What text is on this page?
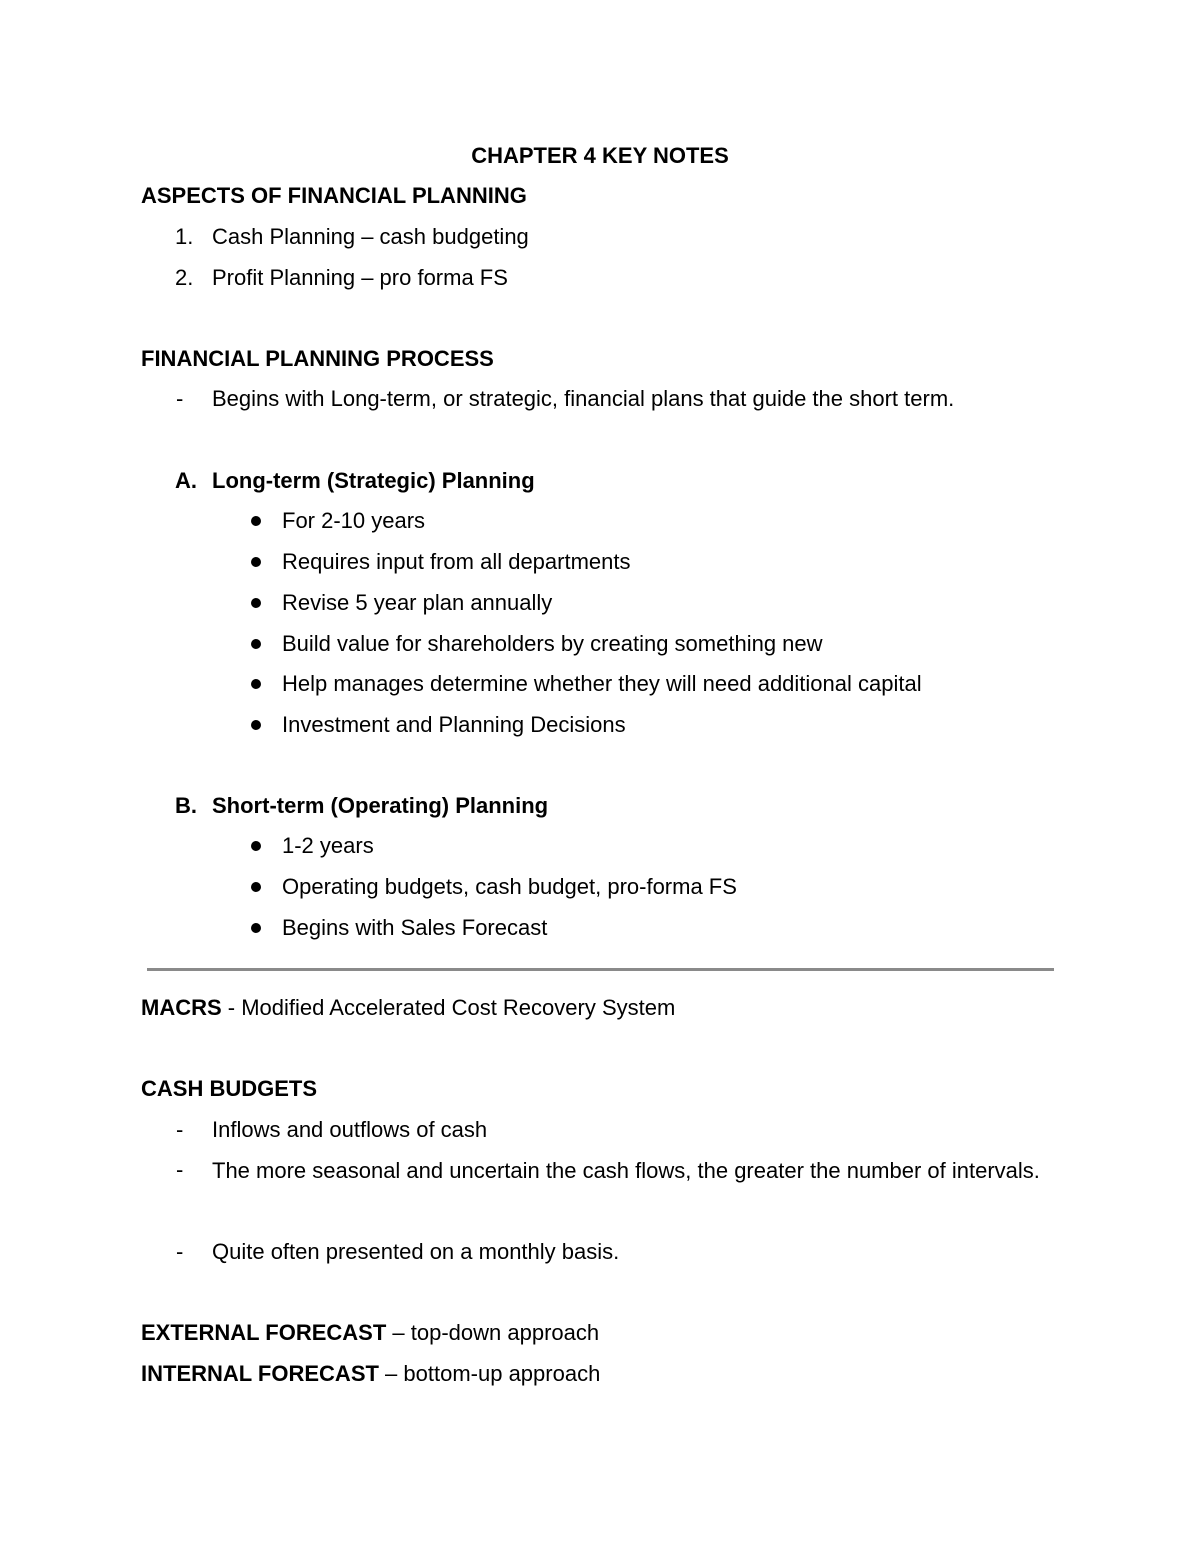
CHAPTER 4 KEY NOTES
ASPECTS OF FINANCIAL PLANNING
1. Cash Planning – cash budgeting
2. Profit Planning – pro forma FS
FINANCIAL PLANNING PROCESS
- Begins with Long-term, or strategic, financial plans that guide the short term.
A. Long-term (Strategic) Planning
For 2-10 years
Requires input from all departments
Revise 5 year plan annually
Build value for shareholders by creating something new
Help manages determine whether they will need additional capital
Investment and Planning Decisions
B. Short-term (Operating) Planning
1-2 years
Operating budgets, cash budget, pro-forma FS
Begins with Sales Forecast
MACRS - Modified Accelerated Cost Recovery System
CASH BUDGETS
- Inflows and outflows of cash
- The more seasonal and uncertain the cash flows, the greater the number of intervals.
- Quite often presented on a monthly basis.
EXTERNAL FORECAST – top-down approach
INTERNAL FORECAST – bottom-up approach
